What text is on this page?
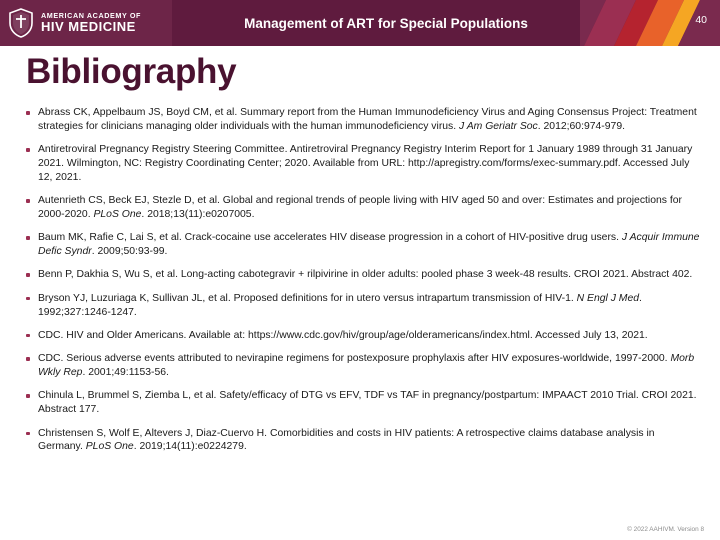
AMERICAN ACADEMY OF
HIV MEDICINE	Management of ART for Special Populations	40
Bibliography
Abrass CK, Appelbaum JS, Boyd CM, et al. Summary report from the Human Immunodeficiency Virus and Aging Consensus Project: Treatment strategies for clinicians managing older individuals with the human immunodeficiency virus. J Am Geriatr Soc. 2012;60:974-979.
Antiretroviral Pregnancy Registry Steering Committee. Antiretroviral Pregnancy Registry Interim Report for 1 January 1989 through 31 January 2021. Wilmington, NC: Registry Coordinating Center; 2020. Available from URL: http://apregistry.com/forms/exec-summary.pdf. Accessed July 12, 2021.
Autenrieth CS, Beck EJ, Stezle D, et al. Global and regional trends of people living with HIV aged 50 and over: Estimates and projections for 2000-2020. PLoS One. 2018;13(11):e0207005.
Baum MK, Rafie C, Lai S, et al. Crack-cocaine use accelerates HIV disease progression in a cohort of HIV-positive drug users. J Acquir Immune Defic Syndr. 2009;50:93-99.
Benn P, Dakhia S, Wu S, et al. Long-acting cabotegravir + rilpivirine in older adults: pooled phase 3 week-48 results. CROI 2021. Abstract 402.
Bryson YJ, Luzuriaga K, Sullivan JL, et al. Proposed definitions for in utero versus intrapartum transmission of HIV-1. N Engl J Med. 1992;327:1246-1247.
CDC. HIV and Older Americans. Available at: https://www.cdc.gov/hiv/group/age/olderamericans/index.html. Accessed July 13, 2021.
CDC. Serious adverse events attributed to nevirapine regimens for postexposure prophylaxis after HIV exposures-worldwide, 1997-2000. Morb Wkly Rep. 2001;49:1153-56.
Chinula L, Brummel S, Ziemba L, et al. Safety/efficacy of DTG vs EFV, TDF vs TAF in pregnancy/postpartum: IMPAACT 2010 Trial. CROI 2021. Abstract 177.
Christensen S, Wolf E, Altevers J, Diaz-Cuervo H. Comorbidities and costs in HIV patients: A retrospective claims database analysis in Germany. PLoS One. 2019;14(11):e0224279.
© 2022 AAHIVM. Version 8
